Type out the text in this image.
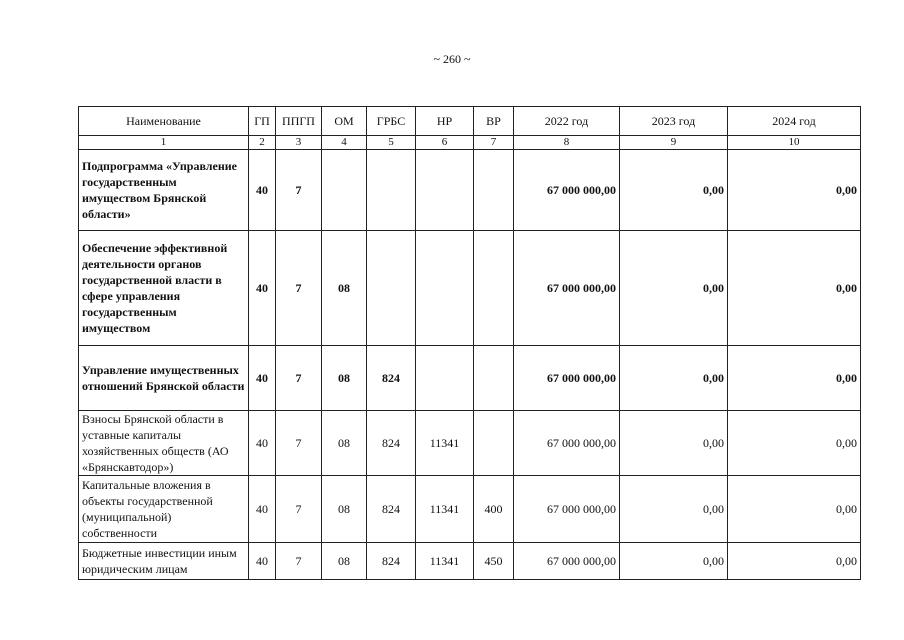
~ 260 ~
Наименование	ГП	ППГП	ОМ	ГРБС	НР	ВР	2022 год	2023 год	2024 год
1	2	3	4	5	6	7	8	9	10
Подпрограмма «Управление государственным имуществом Брянской области»	40	7					67 000 000,00	0,00	0,00
Обеспечение эффективной деятельности органов государственной власти в сфере управления государственным имуществом	40	7	08				67 000 000,00	0,00	0,00
Управление имущественных отношений Брянской области	40	7	08	824			67 000 000,00	0,00	0,00
Взносы Брянской области в уставные капиталы хозяйственных обществ (АО «Брянскавтодор»)	40	7	08	824	11341		67 000 000,00	0,00	0,00
Капитальные вложения в объекты государственной (муниципальной) собственности	40	7	08	824	11341	400	67 000 000,00	0,00	0,00
Бюджетные инвестиции иным юридическим лицам	40	7	08	824	11341	450	67 000 000,00	0,00	0,00
